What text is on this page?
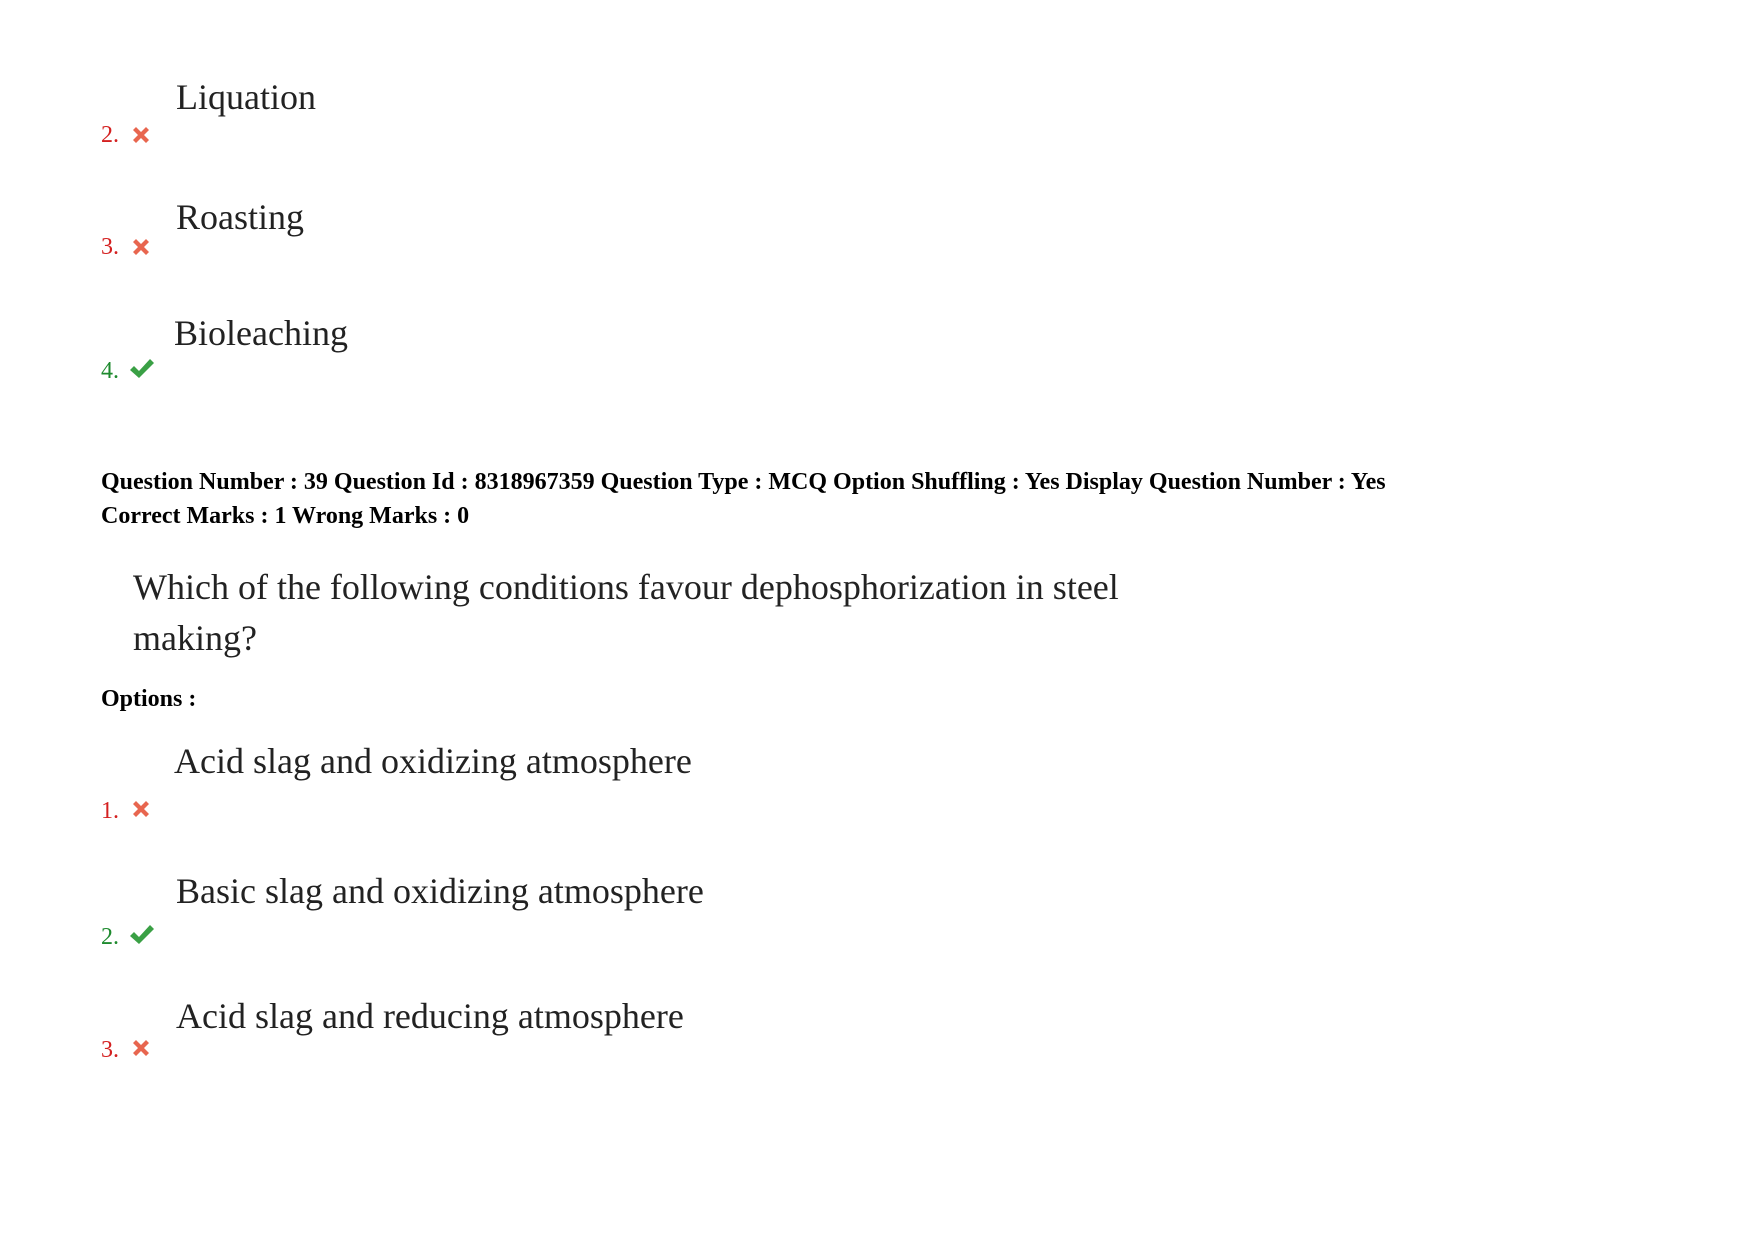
Liquation
2.
Roasting
3.
Bioleaching
4.
Question Number : 39 Question Id : 8318967359 Question Type : MCQ Option Shuffling : Yes Display Question Number : Yes
Correct Marks : 1 Wrong Marks : 0
Which of the following conditions favour dephosphorization in steel
making?
Options :
Acid slag and oxidizing atmosphere
1.
Basic slag and oxidizing atmosphere
2.
Acid slag and reducing atmosphere
3.
